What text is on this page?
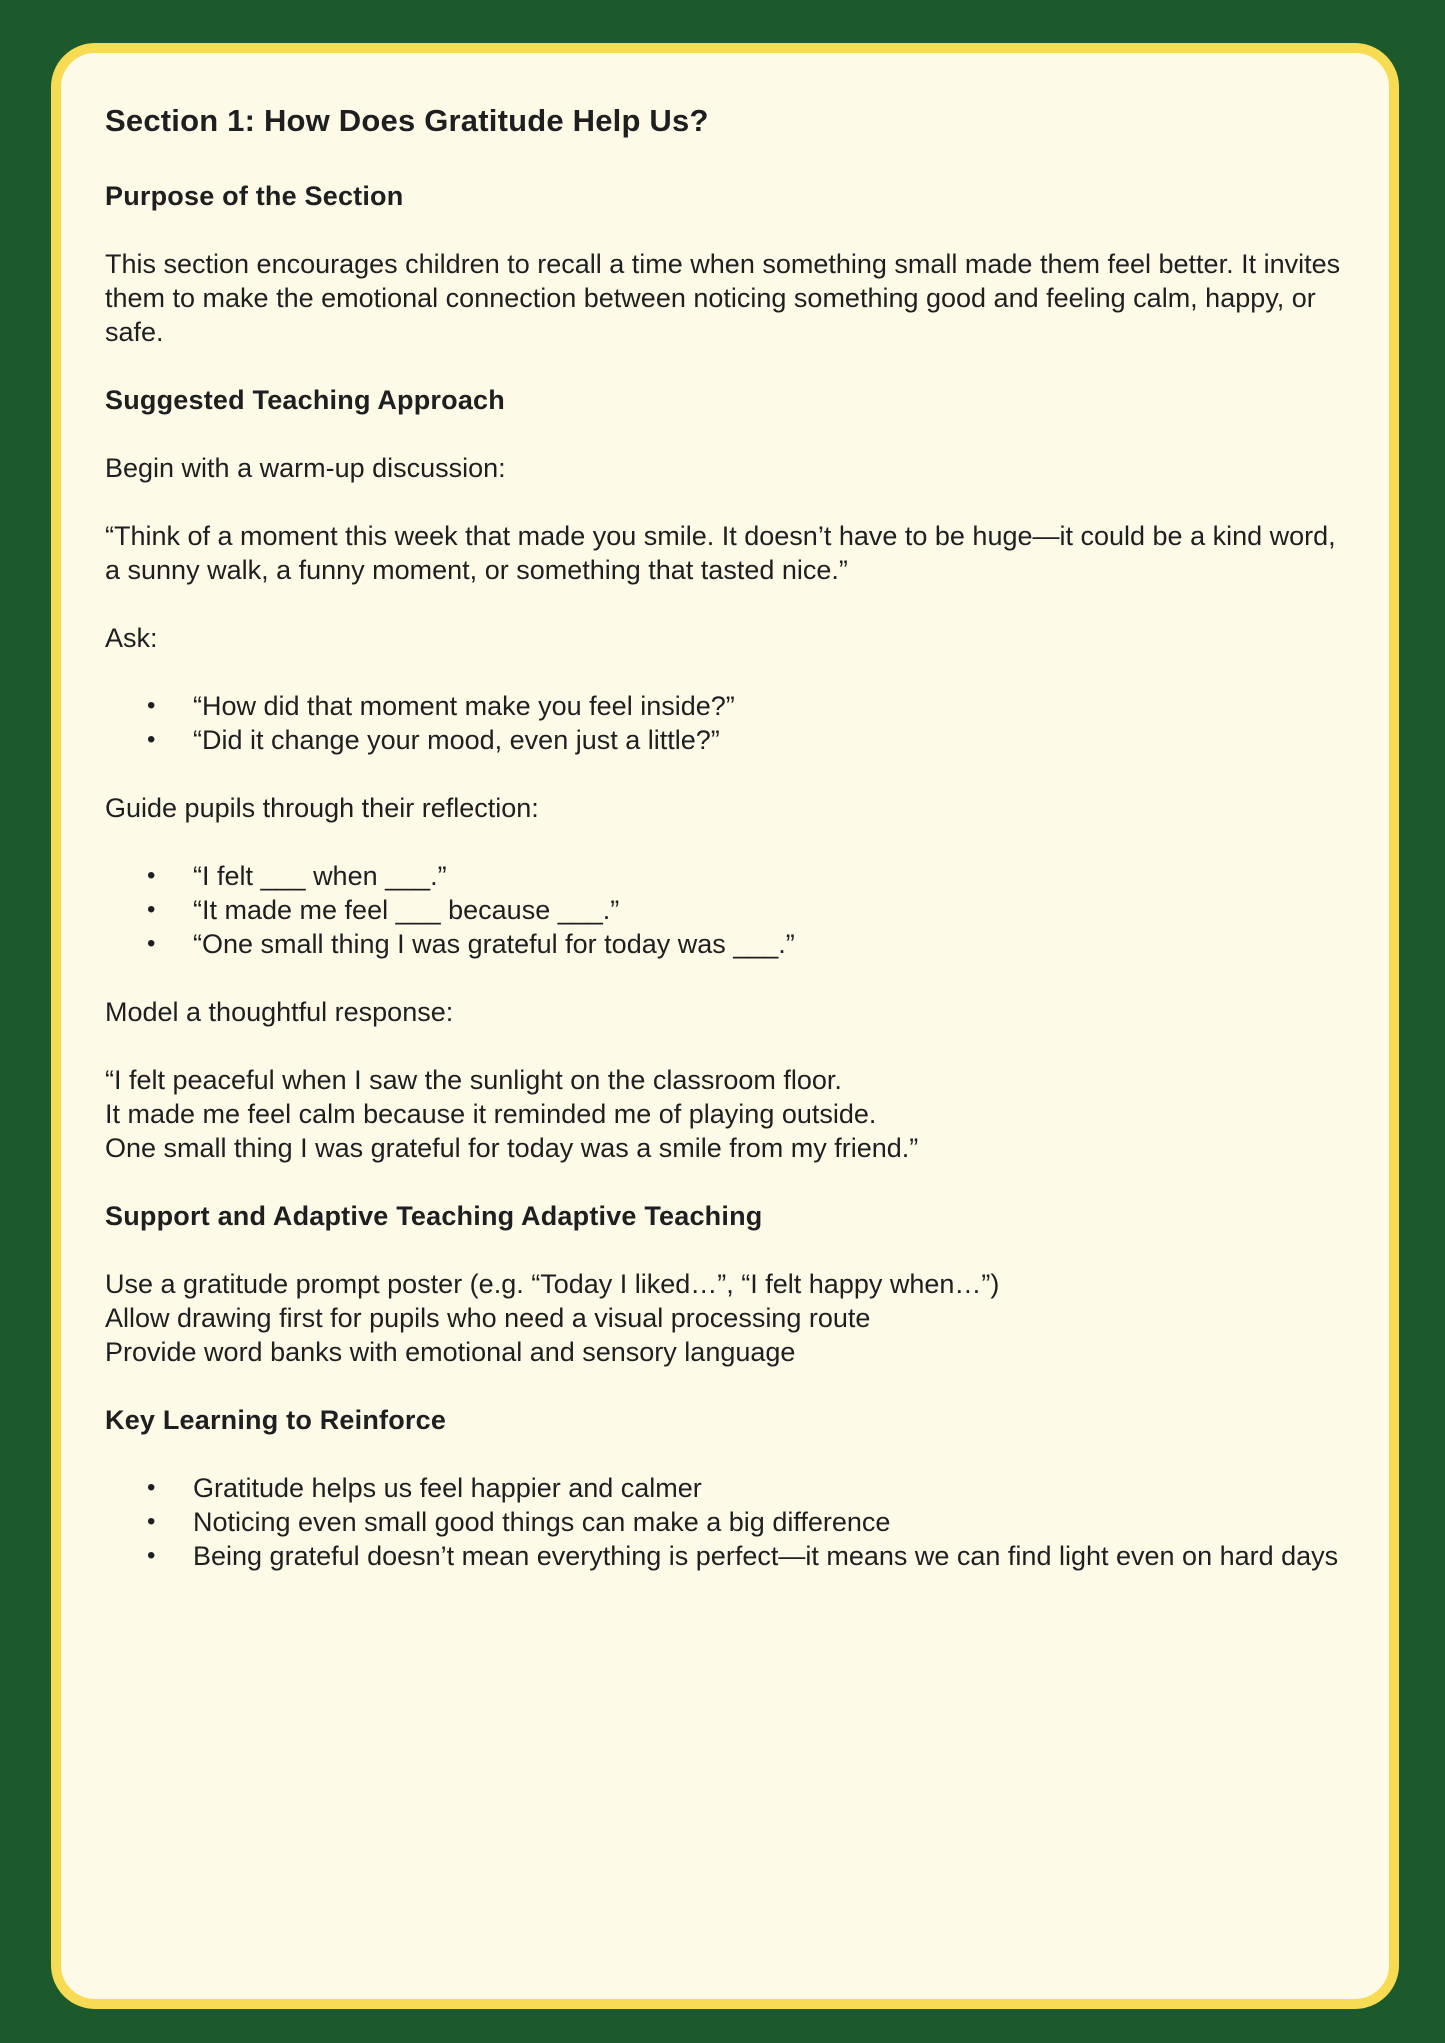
Section 1: How Does Gratitude Help Us?
Purpose of the Section

This section encourages children to recall a time when something small made them feel better. It invites them to make the emotional connection between noticing something good and feeling calm, happy, or safe.

Suggested Teaching Approach

Begin with a warm-up discussion:

“Think of a moment this week that made you smile. It doesn’t have to be huge—it could be a kind word, a sunny walk, a funny moment, or something that tasted nice.”

Ask:

• “How did that moment make you feel inside?”
• “Did it change your mood, even just a little?”

Guide pupils through their reflection:

• “I felt ___ when ___.”
• “It made me feel ___ because ___.”
• “One small thing I was grateful for today was ___.”

Model a thoughtful response:

“I felt peaceful when I saw the sunlight on the classroom floor.
It made me feel calm because it reminded me of playing outside.
One small thing I was grateful for today was a smile from my friend.”

Support and Adaptive Teaching Adaptive Teaching

Use a gratitude prompt poster (e.g. “Today I liked…”, “I felt happy when…”)
Allow drawing first for pupils who need a visual processing route
Provide word banks with emotional and sensory language

Key Learning to Reinforce
• Gratitude helps us feel happier and calmer
• Noticing even small good things can make a big difference
• Being grateful doesn’t mean everything is perfect—it means we can find light even on hard days
